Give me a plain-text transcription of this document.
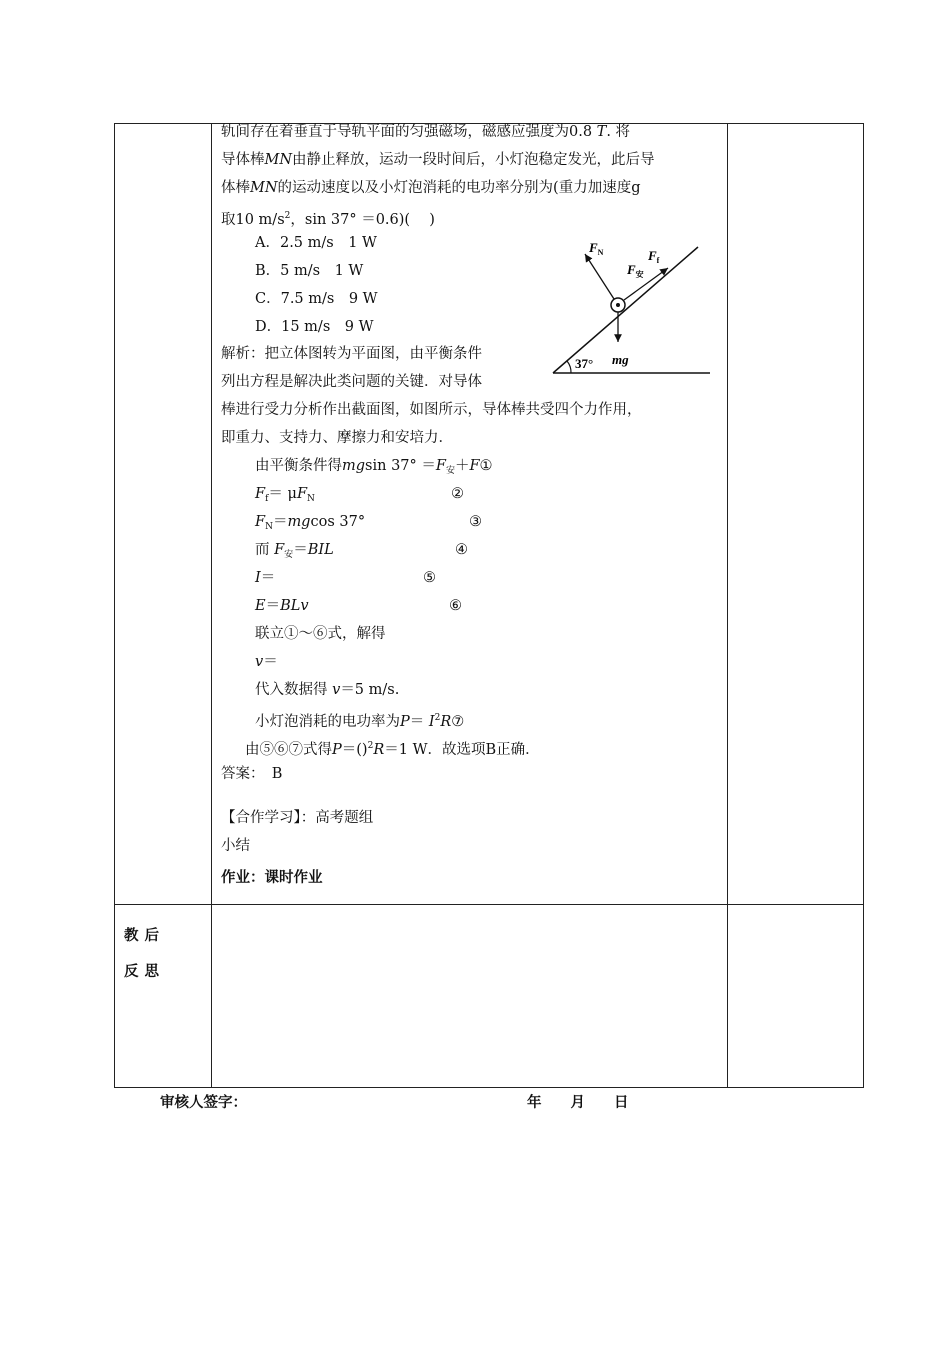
轨间存在着垂直于导轨平面的匀强磁场，磁感应强度为0.8 T. 将
导体棒MN由静止释放，运动一段时间后，小灯泡稳定发光，此后导
体棒MN的运动速度以及小灯泡消耗的电功率分别为(重力加速度g
取10 $m/s^2$，sin 37° ＝0.6)(　 )
A．2.5 m/s　1 W
B．5 m/s　1 W
C．7.5 m/s　9 W
D．15 m/s　9 W
$F_N$	$F_f$
$F_安$
mg
37°
解析：把立体图转为平面图，由平衡条件
列出方程是解决此类问题的关键．对导体
棒进行受力分析作出截面图，如图所示，导体棒共受四个力作用，
即重力、支持力、摩擦力和安培力．
由平衡条件得mgsin $37^\circ =F_安+F①$
$F_f= \mu F_N$	②
$F_N=mgcos$ 37°	③
而 $F_安=BIL$	④
I＝	⑤
E＝BLv	⑥
联立①～⑥式，解得
v＝
代入数据得 v＝5 m/s.
小灯泡消耗的电功率为$P= I^2R⑦$
由⑤⑥⑦式得P＝()$^2$R＝1 W．故选项B正确．
答案：　B
【合作学习】：高考题组
小结
作业：课时作业
教后
反思
审核人签字：	年　　月　　日
